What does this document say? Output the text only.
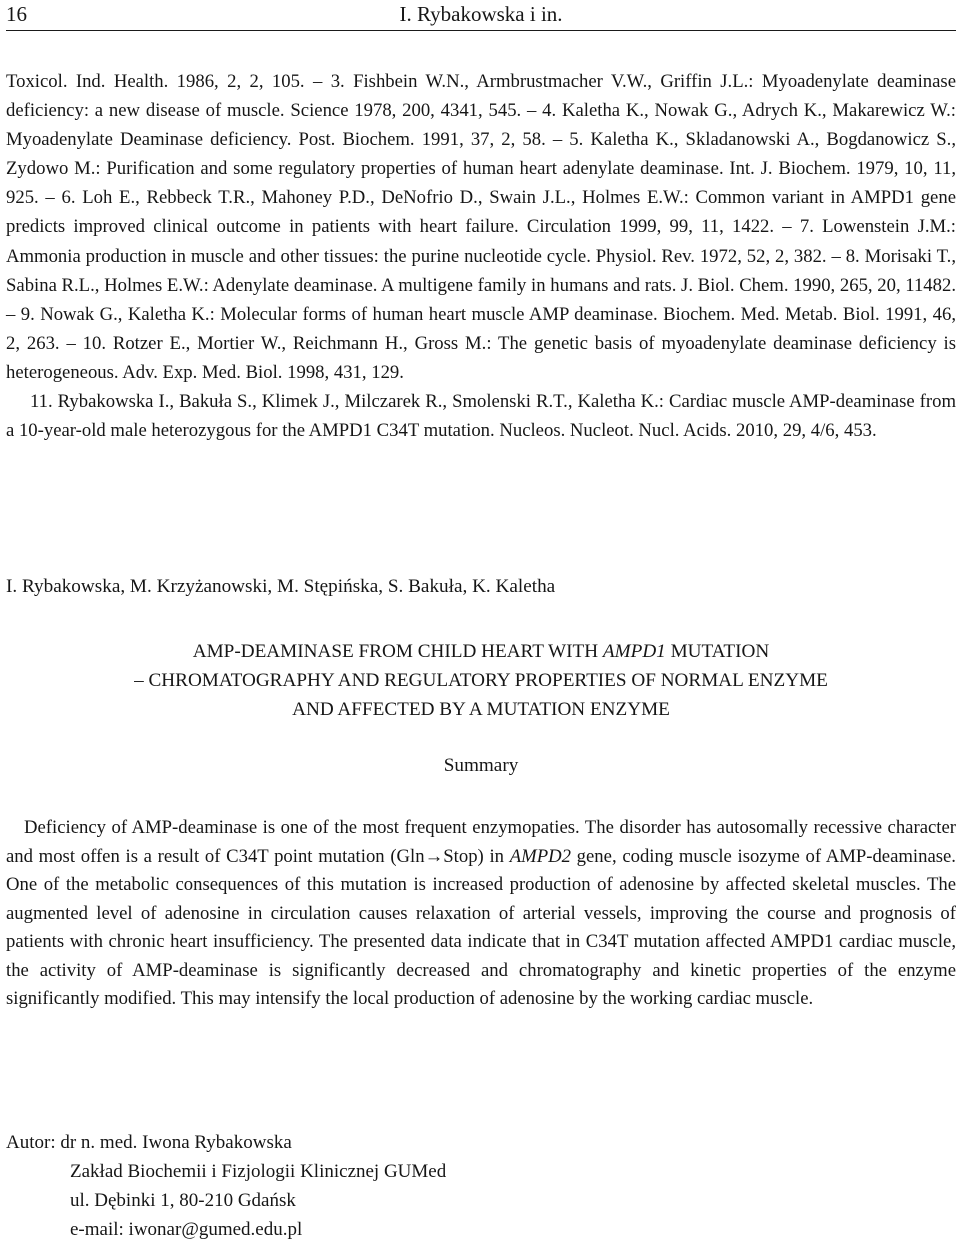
16	I. Rybakowska i in.

Toxicol. Ind. Health. 1986, 2, 2, 105. – 3. Fishbein W.N., Armbrustmacher V.W., Griffin J.L.: Myoadenylate deaminase deficiency: a new disease of muscle. Science 1978, 200, 4341, 545. – 4. Kaletha K., Nowak G., Adrych K., Makarewicz W.: Myoadenylate Deaminase deficiency. Post. Biochem. 1991, 37, 2, 58. – 5. Kaletha K., Skladanowski A., Bogdanowicz S., Zydowo M.: Purification and some regulatory properties of human heart adenylate deaminase. Int. J. Biochem. 1979, 10, 11, 925. – 6. Loh E., Rebbeck T.R., Mahoney P.D., DeNofrio D., Swain J.L., Holmes E.W.: Common variant in AMPD1 gene predicts improved clinical outcome in patients with heart failure. Circulation 1999, 99, 11, 1422. – 7. Lowenstein J.M.: Ammonia production in muscle and other tissues: the purine nucleotide cycle. Physiol. Rev. 1972, 52, 2, 382. – 8. Morisaki T., Sabina R.L., Holmes E.W.: Adenylate deaminase. A multigene family in humans and rats. J. Biol. Chem. 1990, 265, 20, 11482. – 9. Nowak G., Kaletha K.: Molecular forms of human heart muscle AMP deaminase. Biochem. Med. Metab. Biol. 1991, 46, 2, 263. – 10. Rotzer E., Mortier W., Reichmann H., Gross M.: The genetic basis of myoadenylate deaminase deficiency is heterogeneous. Adv. Exp. Med. Biol. 1998, 431, 129.
11. Rybakowska I., Bakuła S., Klimek J., Milczarek R., Smolenski R.T., Kaletha K.: Cardiac muscle AMP-deaminase from a 10-year-old male heterozygous for the AMPD1 C34T mutation. Nucleos. Nucleot. Nucl. Acids. 2010, 29, 4/6, 453.

I. Rybakowska, M. Krzyżanowski, M. Stępińska, S. Bakuła, K. Kaletha

AMP-DEAMINASE FROM CHILD HEART WITH AMPD1 MUTATION
– CHROMATOGRAPHY AND REGULATORY PROPERTIES OF NORMAL ENZYME
AND AFFECTED BY A MUTATION ENZYME

Summary

Deficiency of AMP-deaminase is one of the most frequent enzymopaties. The disorder has autosomally recessive character and most offen is a result of C34T point mutation (Gln→Stop) in AMPD2 gene, coding muscle isozyme of AMP-deaminase. One of the metabolic consequences of this mutation is increased production of adenosine by affected skeletal muscles. The augmented level of adenosine in circulation causes relaxation of arterial vessels, improving the course and prognosis of patients with chronic heart insufficiency. The presented data indicate that in C34T mutation affected AMPD1 cardiac muscle, the activity of AMP-deaminase is significantly decreased and chromatography and kinetic properties of the enzyme significantly modified. This may intensify the local production of adenosine by the working cardiac muscle.

Autor: dr n. med. Iwona Rybakowska
Zakład Biochemii i Fizjologii Klinicznej GUMed
ul. Dębinki 1, 80-210 Gdańsk
e-mail: iwonar@gumed.edu.pl
